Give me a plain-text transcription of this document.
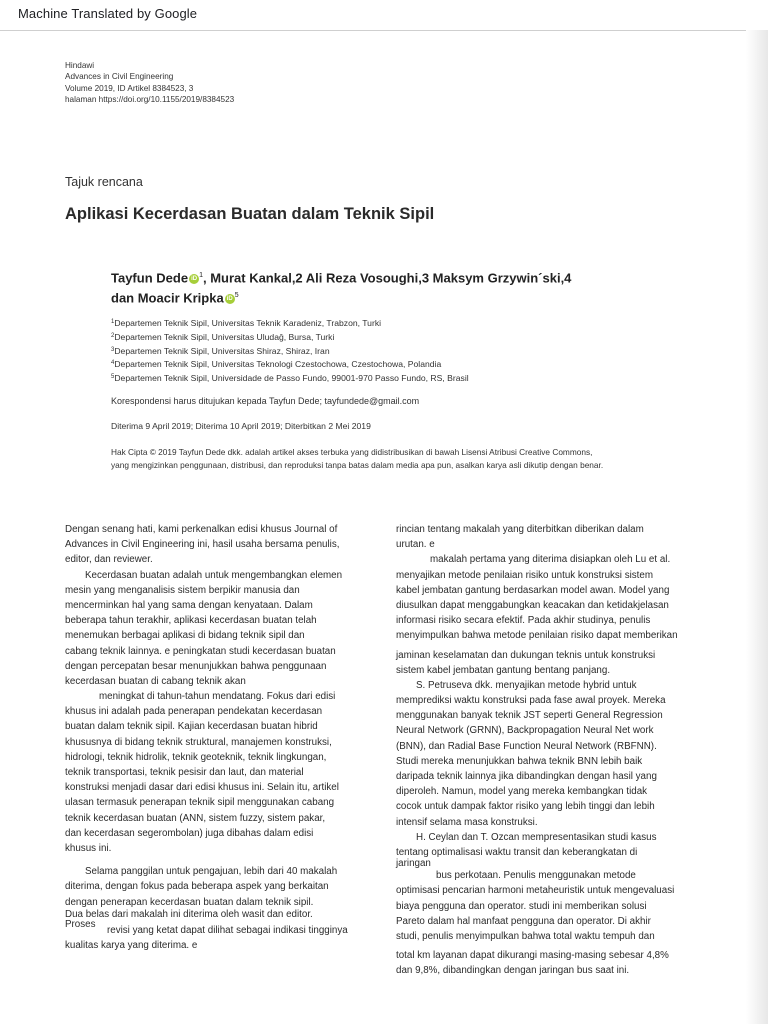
Machine Translated by Google
Hindawi
Advances in Civil Engineering
Volume 2019, ID Artikel 8384523, 3
halaman https://doi.org/10.1155/2019/8384523
Tajuk rencana
Aplikasi Kecerdasan Buatan dalam Teknik Sipil
Tayfun Dede iD $^1$, Murat Kankal,2 Ali Reza Vosoughi,3 Maksym Grzywin´ski,4
dan Moacir Kripka iD $^5$
$^1$Departemen Teknik Sipil, Universitas Teknik Karadeniz, Trabzon, Turki
$^2$Departemen Teknik Sipil, Universitas Uludağ, Bursa, Turki
$^3$Departemen Teknik Sipil, Universitas Shiraz, Shiraz, Iran
$^4$Departemen Teknik Sipil, Universitas Teknologi Czestochowa, Czestochowa, Polandia
$^5$Departemen Teknik Sipil, Universidade de Passo Fundo, 99001-970 Passo Fundo, RS, Brasil
Korespondensi harus ditujukan kepada Tayfun Dede; tayfundede@gmail.com
Diterima 9 April 2019; Diterima 10 April 2019; Diterbitkan 2 Mei 2019
Hak Cipta © 2019 Tayfun Dede dkk. adalah artikel akses terbuka yang didistribusikan di bawah Lisensi Atribusi Creative Commons,
yang mengizinkan penggunaan, distribusi, dan reproduksi tanpa batas dalam media apa pun, asalkan karya asli dikutip dengan benar.
Dengan senang hati, kami perkenalkan edisi khusus Journal of
Advances in Civil Engineering ini, hasil usaha bersama penulis,
editor, dan reviewer.
Kecerdasan buatan adalah untuk mengembangkan elemen
mesin yang menganalisis sistem berpikir manusia dan
mencerminkan hal yang sama dengan kenyataan. Dalam
beberapa tahun terakhir, aplikasi kecerdasan buatan telah
menemukan berbagai aplikasi di bidang teknik sipil dan
cabang teknik lainnya. e peningkatan studi kecerdasan buatan
dengan percepatan besar menunjukkan bahwa penggunaan
kecerdasan buatan di cabang teknik akan
meningkat di tahun-tahun mendatang. Fokus dari edisi
khusus ini adalah pada penerapan pendekatan kecerdasan
buatan dalam teknik sipil. Kajian kecerdasan buatan hibrid
khususnya di bidang teknik struktural, manajemen konstruksi,
hidrologi, teknik hidrolik, teknik geoteknik, teknik lingkungan,
teknik transportasi, teknik pesisir dan laut, dan material
konstruksi menjadi dasar dari edisi khusus ini. Selain itu, artikel
ulasan termasuk penerapan teknik sipil menggunakan cabang
teknik kecerdasan buatan (ANN, sistem fuzzy, sistem pakar,
dan kecerdasan segerombolan) juga dibahas dalam edisi
khusus ini.
Selama panggilan untuk pengajuan, lebih dari 40 makalah
diterima, dengan fokus pada beberapa aspek yang berkaitan
dengan penerapan kecerdasan buatan dalam teknik sipil.
Dua belas dari makalah ini diterima oleh wasit dan editor.
Proses
revisi yang ketat dapat dilihat sebagai indikasi tingginya
kualitas karya yang diterima. e
rincian tentang makalah yang diterbitkan diberikan dalam
urutan. e
makalah pertama yang diterima disiapkan oleh Lu et al.
menyajikan metode penilaian risiko untuk konstruksi sistem
kabel jembatan gantung berdasarkan model awan. Model yang
diusulkan dapat menggabungkan keacakan dan ketidakjelasan
informasi risiko secara efektif. Pada akhir studinya, penulis
menyimpulkan bahwa metode penilaian risiko dapat memberikan
jaminan keselamatan dan dukungan teknis untuk konstruksi
sistem kabel jembatan gantung bentang panjang.
S. Petruseva dkk. menyajikan metode hybrid untuk
memprediksi waktu konstruksi pada fase awal proyek. Mereka
menggunakan banyak teknik JST seperti General Regression
Neural Network (GRNN), Backpropagation Neural Net work
(BNN), dan Radial Base Function Neural Network (RBFNN).
Studi mereka menunjukkan bahwa teknik BNN lebih baik
daripada teknik lainnya jika dibandingkan dengan hasil yang
diperoleh. Namun, model yang mereka kembangkan tidak
cocok untuk dampak faktor risiko yang lebih tinggi dan lebih
intensif selama masa konstruksi.
H. Ceylan dan T. Ozcan mempresentasikan studi kasus
tentang optimalisasi waktu transit dan keberangkatan di
jaringan
bus perkotaan. Penulis menggunakan metode
optimisasi pencarian harmoni metaheuristik untuk mengevaluasi
biaya pengguna dan operator. studi ini memberikan solusi
Pareto dalam hal manfaat pengguna dan operator. Di akhir
studi, penulis menyimpulkan bahwa total waktu tempuh dan
total km layanan dapat dikurangi masing-masing sebesar 4,8%
dan 9,8%, dibandingkan dengan jaringan bus saat ini.
